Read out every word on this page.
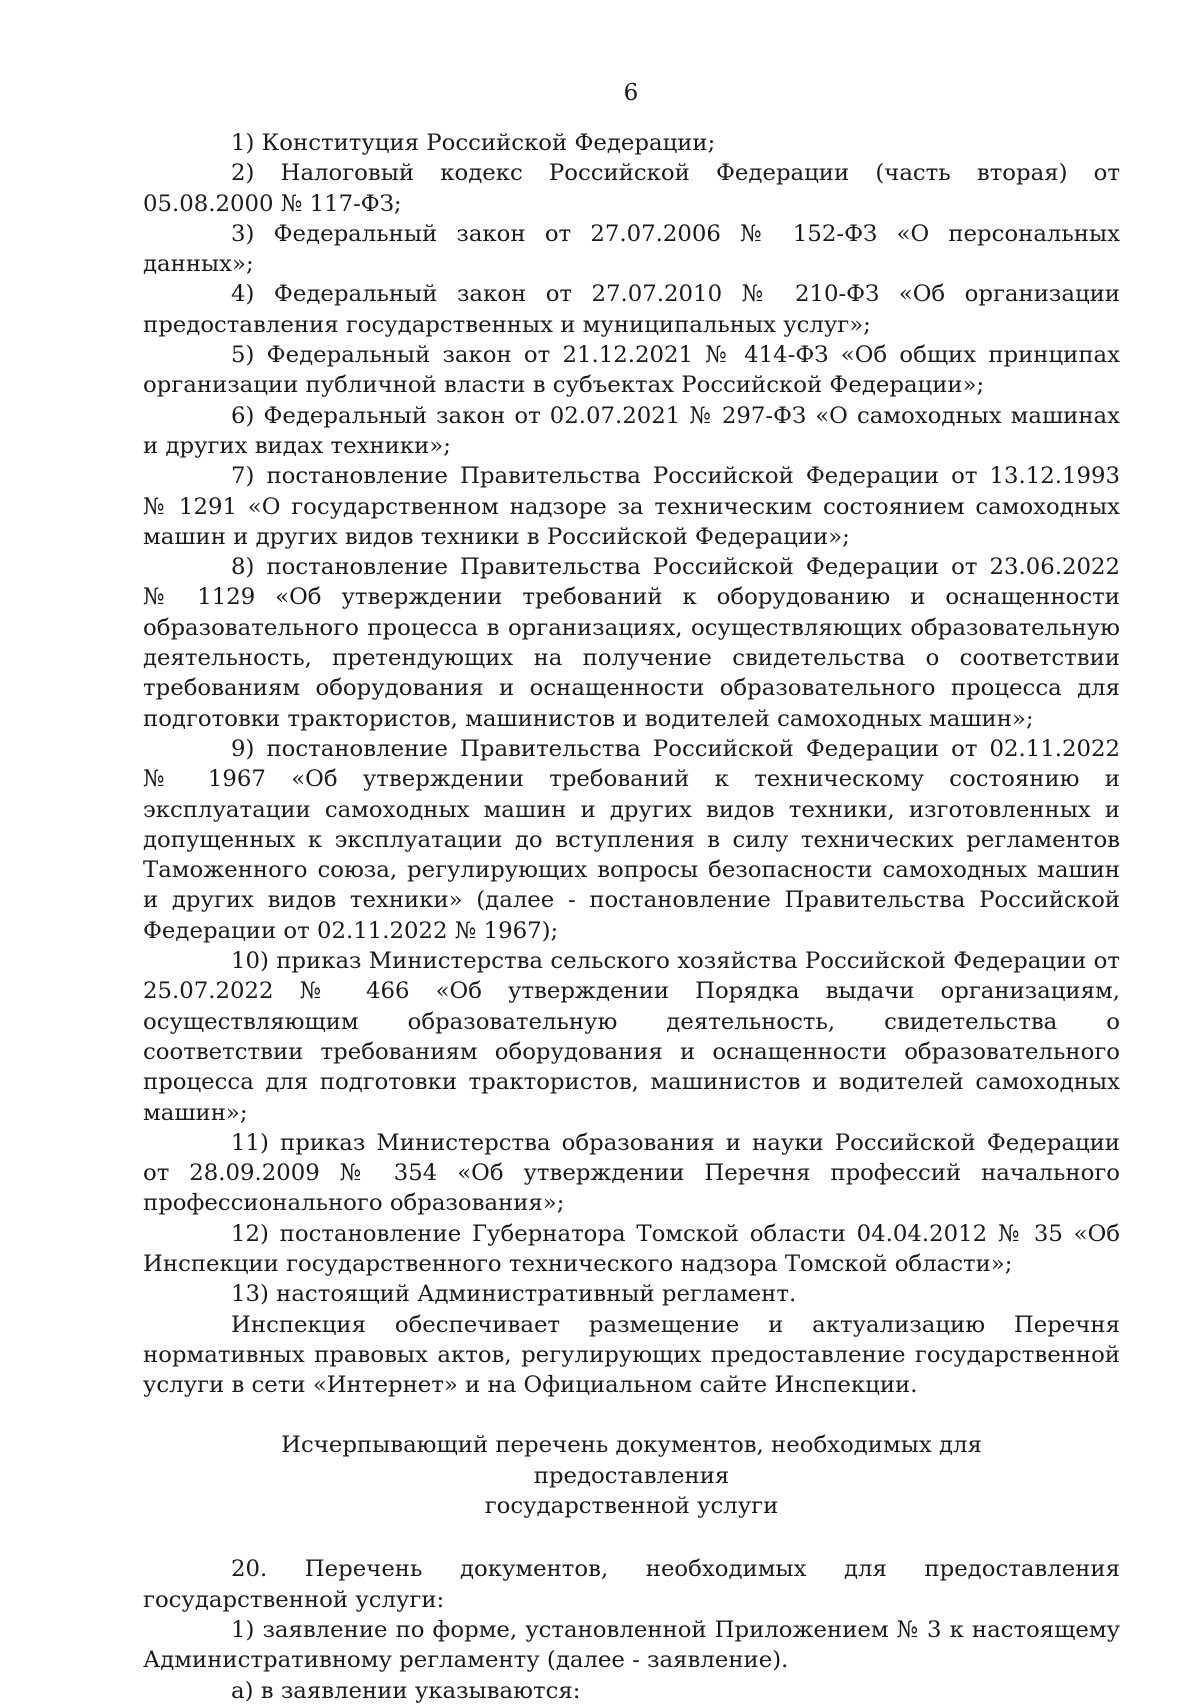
6

1) Конституция Российской Федерации;

2) Налоговый кодекс Российской Федерации (часть вторая) от 05.08.2000 № 117-ФЗ;

3) Федеральный закон от 27.07.2006 № 152-ФЗ «О персональных данных»;

4) Федеральный закон от 27.07.2010 № 210-ФЗ «Об организации предоставления государственных и муниципальных услуг»;

5) Федеральный закон от 21.12.2021 № 414-ФЗ «Об общих принципах организации публичной власти в субъектах Российской Федерации»;

6) Федеральный закон от 02.07.2021 № 297-ФЗ «О самоходных машинах и других видах техники»;

7) постановление Правительства Российской Федерации от 13.12.1993 № 1291 «О государственном надзоре за техническим состоянием самоходных машин и других видов техники в Российской Федерации»;

8) постановление Правительства Российской Федерации от 23.06.2022 № 1129 «Об утверждении требований к оборудованию и оснащенности образовательного процесса в организациях, осуществляющих образовательную деятельность, претендующих на получение свидетельства о соответствии требованиям оборудования и оснащенности образовательного процесса для подготовки трактористов, машинистов и водителей самоходных машин»;

9) постановление Правительства Российской Федерации от 02.11.2022 № 1967 «Об утверждении требований к техническому состоянию и эксплуатации самоходных машин и других видов техники, изготовленных и допущенных к эксплуатации до вступления в силу технических регламентов Таможенного союза, регулирующих вопросы безопасности самоходных машин и других видов техники» (далее - постановление Правительства Российской Федерации от 02.11.2022 № 1967);

10) приказ Министерства сельского хозяйства Российской Федерации от 25.07.2022 № 466 «Об утверждении Порядка выдачи организациям, осуществляющим образовательную деятельность, свидетельства о соответствии требованиям оборудования и оснащенности образовательного процесса для подготовки трактористов, машинистов и водителей самоходных машин»;

11) приказ Министерства образования и науки Российской Федерации от 28.09.2009 № 354 «Об утверждении Перечня профессий начального профессионального образования»;

12) постановление Губернатора Томской области 04.04.2012 № 35 «Об Инспекции государственного технического надзора Томской области»;

13) настоящий Административный регламент.

Инспекция обеспечивает размещение и актуализацию Перечня нормативных правовых актов, регулирующих предоставление государственной услуги в сети «Интернет» и на Официальном сайте Инспекции.

Исчерпывающий перечень документов, необходимых для предоставления
государственной услуги

20. Перечень документов, необходимых для предоставления государственной услуги:

1) заявление по форме, установленной Приложением № 3 к настоящему Административному регламенту (далее - заявление).

а) в заявлении указываются:
